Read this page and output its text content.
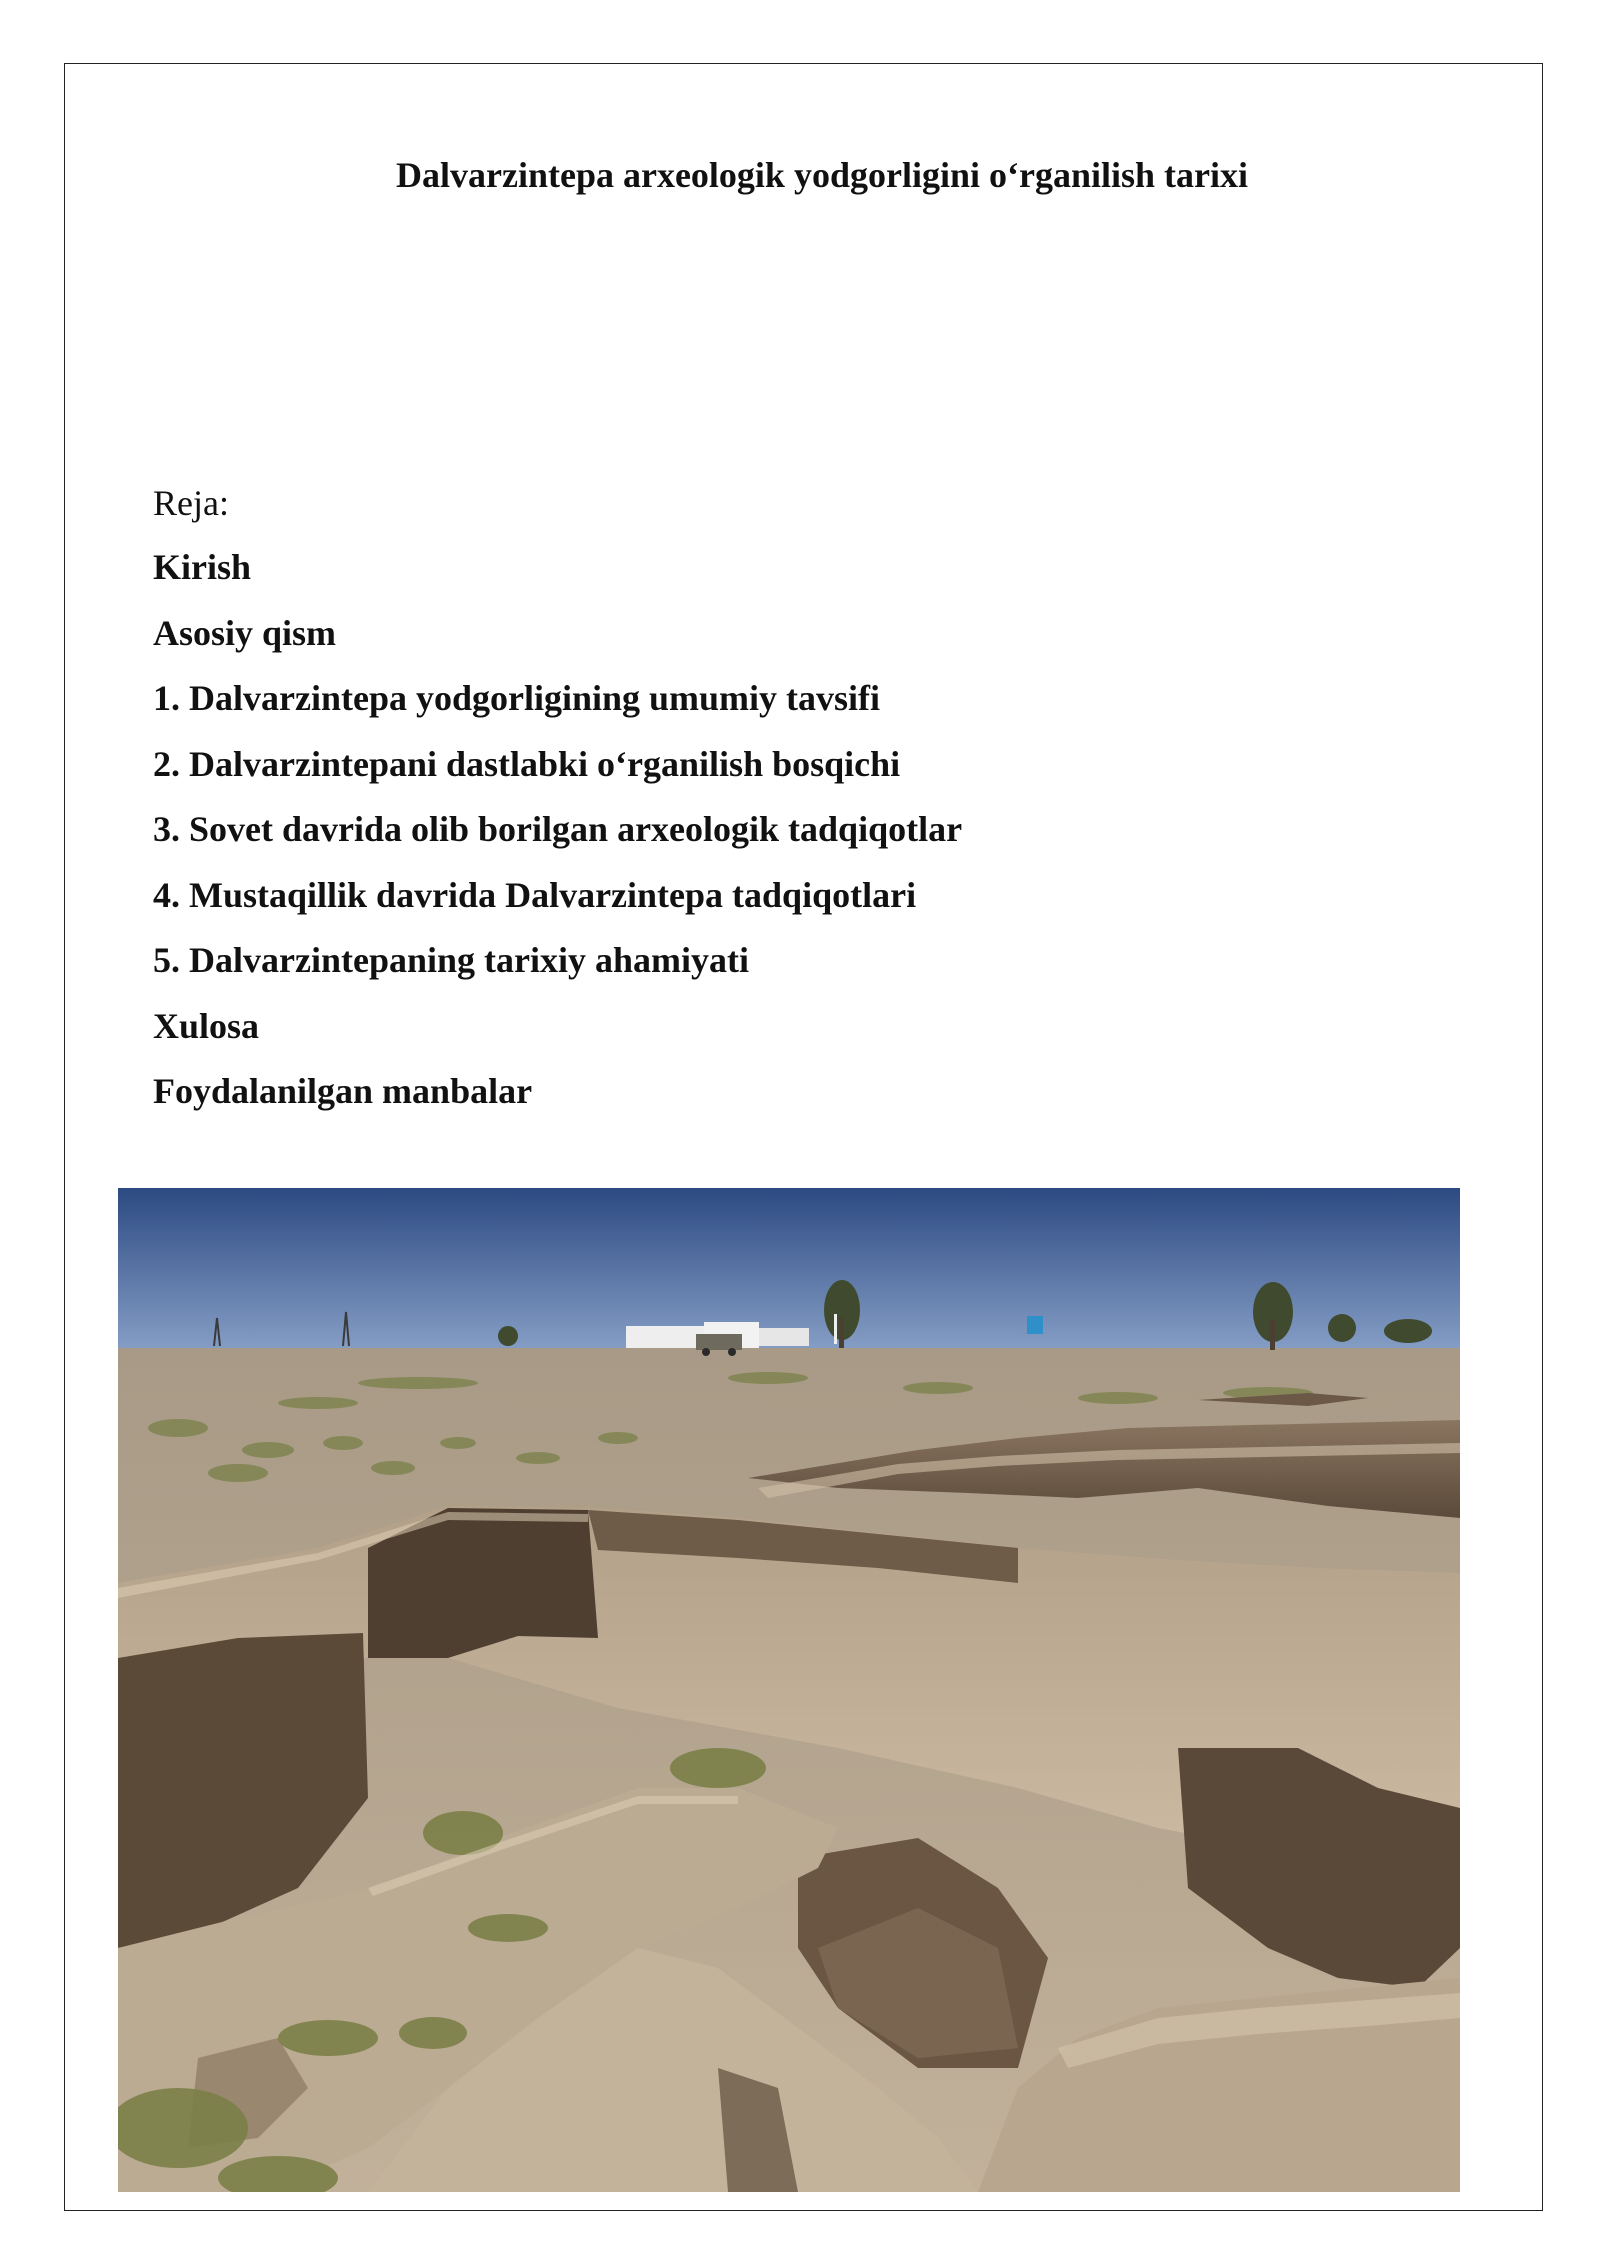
Dalvarzintepa arxeologik yodgorligini o‘rganilish tarixi

Reja:

Kirish
Asosiy qism
1. Dalvarzintepa yodgorligining umumiy tavsifi
2. Dalvarzintepani dastlabki o‘rganilish bosqichi
3. Sovet davrida olib borilgan arxeologik tadqiqotlar
4. Mustaqillik davrida Dalvarzintepa tadqiqotlari
5. Dalvarzintepaning tarixiy ahamiyati
Xulosa
Foydalanilgan manbalar
